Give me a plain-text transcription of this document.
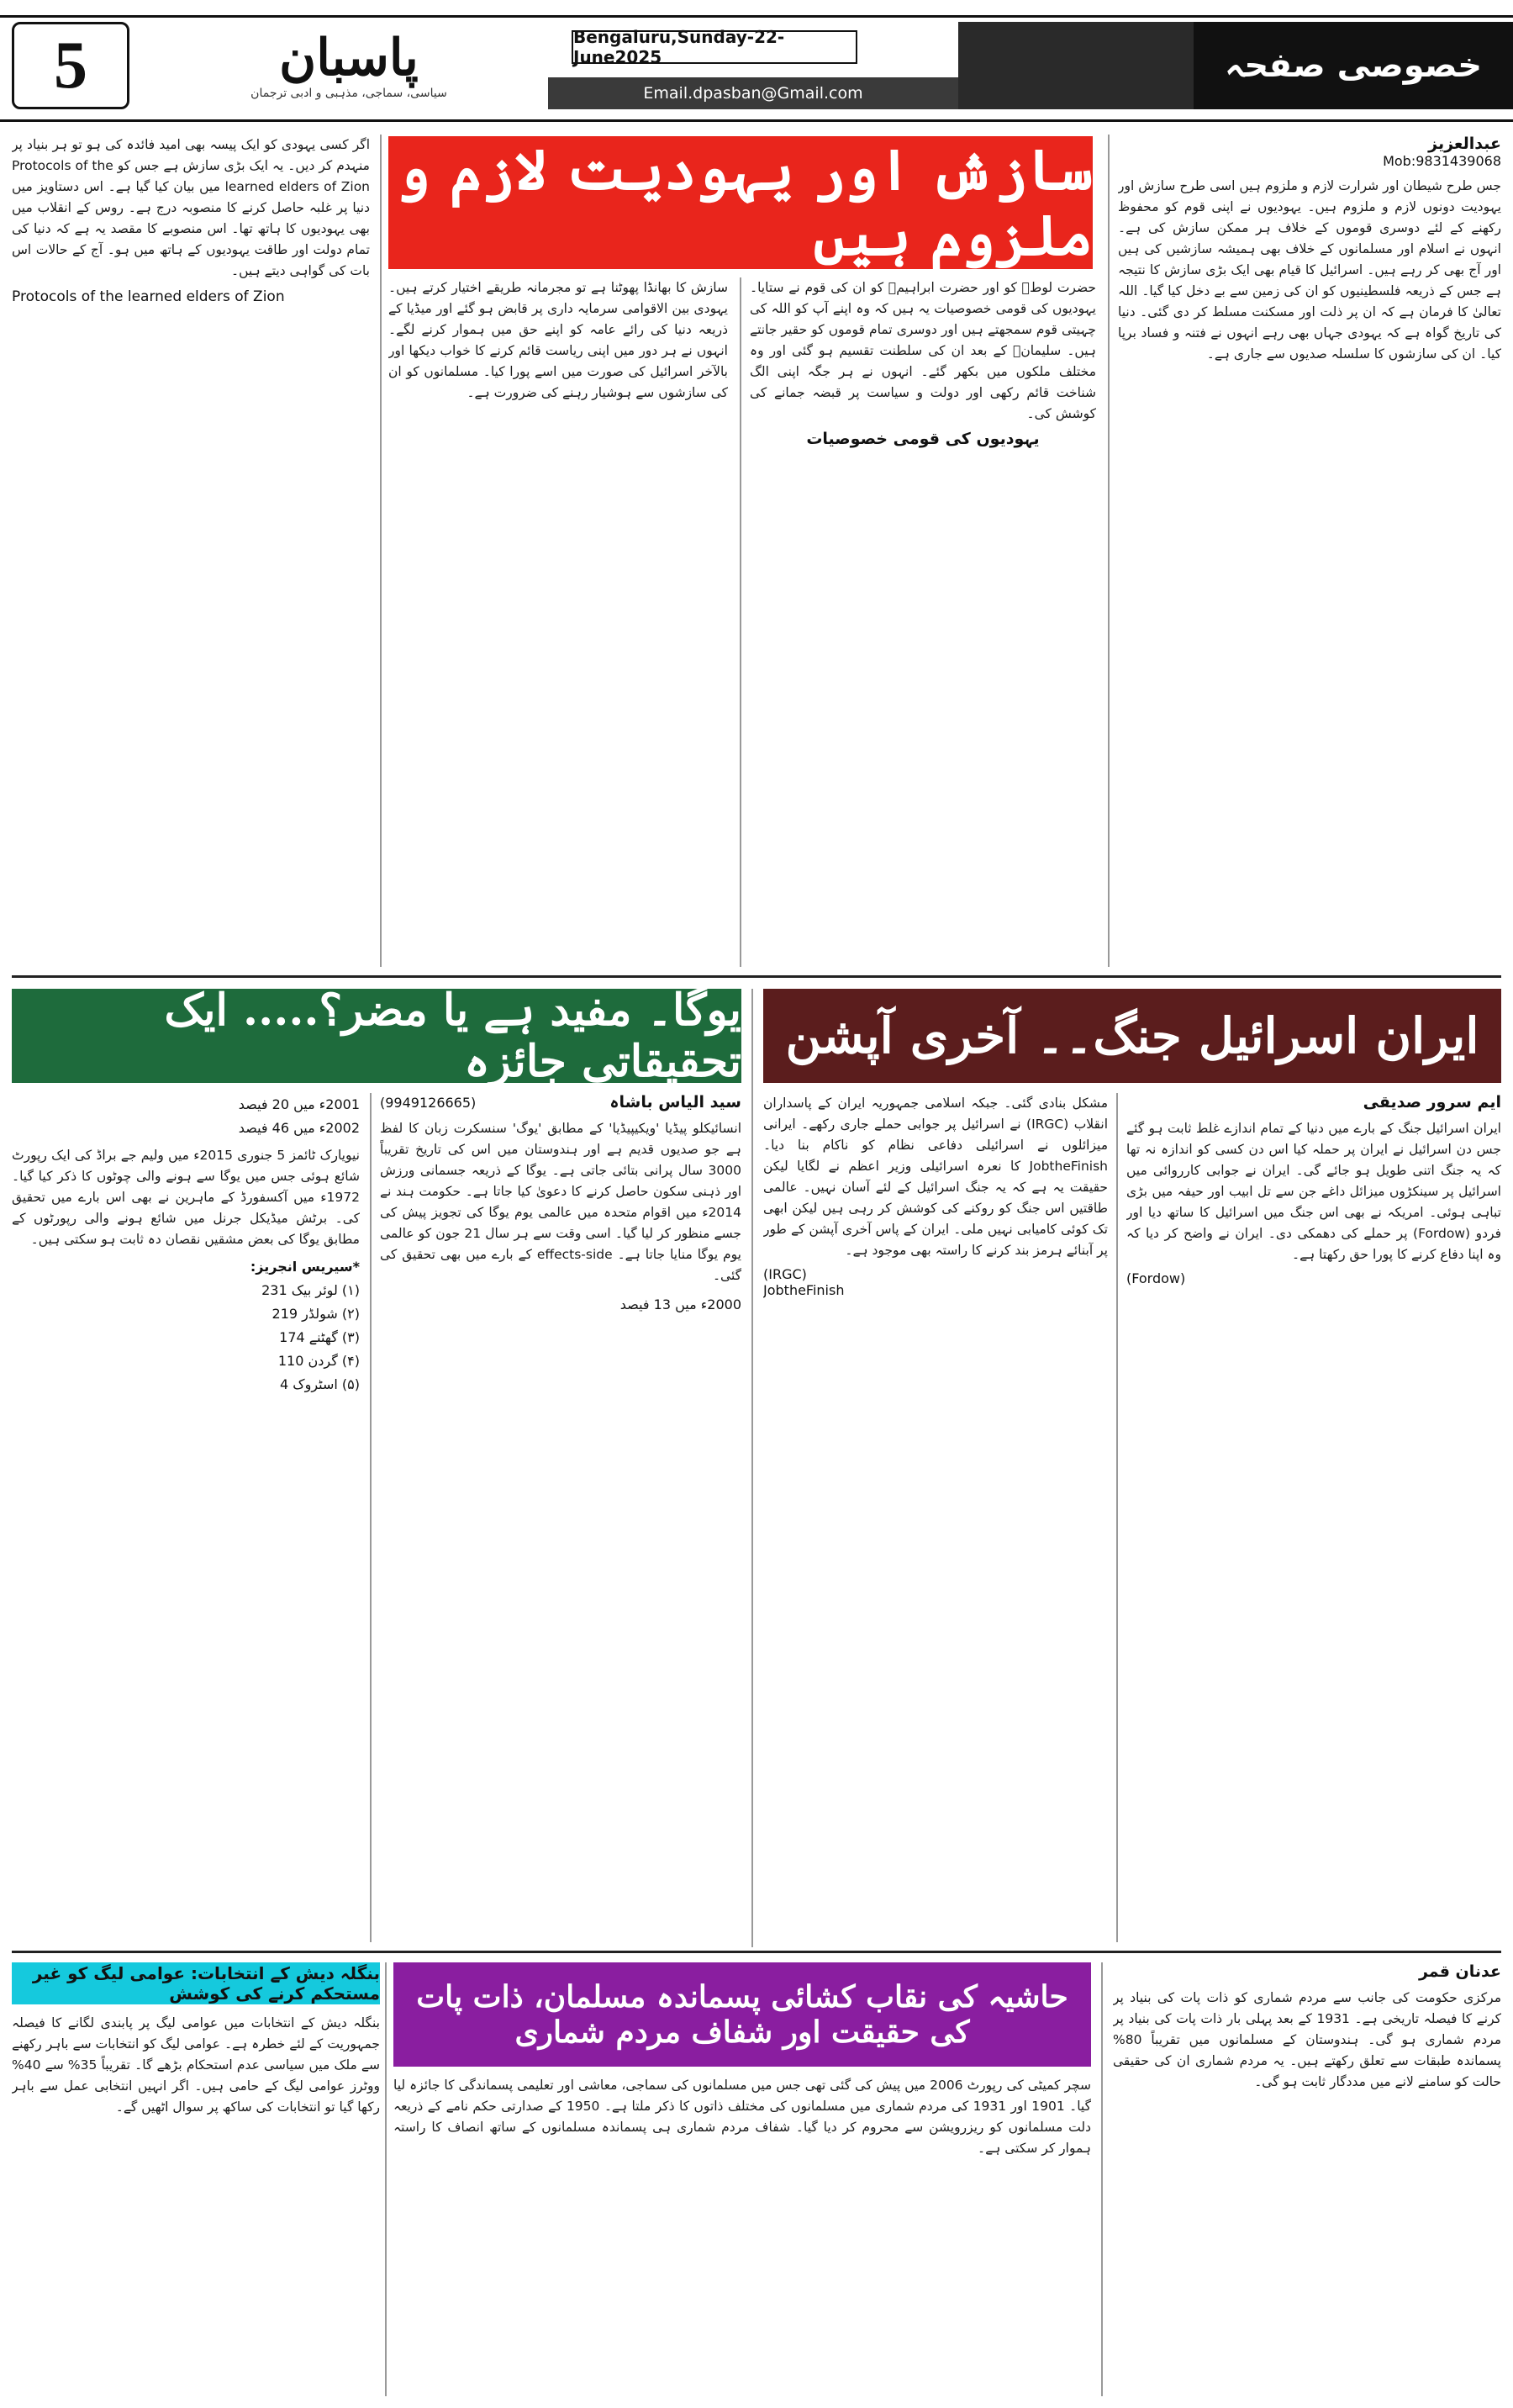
5	پاسبان
سیاسی، سماجی، مذہبی و ادبی ترجمان
Bengaluru,Sunday-22-June2025
Email.dpasban@Gmail.com
خصوصی صفحہ
سازش اور یہودیت لازم و ملزوم ہیں
عبدالعزیز
Mob:9831439068

جس طرح شیطان اور شرارت لازم و ملزوم ہیں اسی طرح سازش اور یہودیت دونوں لازم و ملزوم ہیں۔ یہودیوں نے اپنی قوم کو محفوظ رکھنے کے لئے دوسری قوموں کے خلاف ہر ممکن سازش کی ہے۔ انہوں نے اسلام اور مسلمانوں کے خلاف بھی ہمیشہ سازشیں کی ہیں اور آج بھی کر رہے ہیں۔ اسرائیل کا قیام بھی ایک بڑی سازش کا نتیجہ ہے جس کے ذریعہ فلسطینیوں کو ان کی زمین سے بے دخل کیا گیا۔ اللہ تعالیٰ کا فرمان ہے کہ ان پر ذلت اور مسکنت مسلط کر دی گئی۔ دنیا کی تاریخ گواہ ہے کہ یہودی جہاں بھی رہے انہوں نے فتنہ و فساد برپا کیا۔ ان کی سازشوں کا سلسلہ صدیوں سے جاری ہے۔

حضرت لوطؑ کو اور حضرت ابراہیمؑ کو ان کی قوم نے ستایا۔ یہودیوں کی قومی خصوصیات یہ ہیں کہ وہ اپنے آپ کو اللہ کی چہیتی قوم سمجھتے ہیں اور دوسری تمام قوموں کو حقیر جانتے ہیں۔ سلیمانؑ کے بعد ان کی سلطنت تقسیم ہو گئی اور وہ مختلف ملکوں میں بکھر گئے۔ انہوں نے ہر جگہ اپنی الگ شناخت قائم رکھی اور دولت و سیاست پر قبضہ جمانے کی کوشش کی۔

یہودیوں کی قومی خصوصیات

سازش کا بھانڈا پھوٹنا ہے تو مجرمانہ طریقے اختیار کرتے ہیں۔ یہودی بین الاقوامی سرمایہ داری پر قابض ہو گئے اور میڈیا کے ذریعہ دنیا کی رائے عامہ کو اپنے حق میں ہموار کرنے لگے۔ انہوں نے ہر دور میں اپنی ریاست قائم کرنے کا خواب دیکھا اور بالآخر اسرائیل کی صورت میں اسے پورا کیا۔ مسلمانوں کو ان کی سازشوں سے ہوشیار رہنے کی ضرورت ہے۔

اگر کسی یہودی کو ایک پیسہ بھی امید فائدہ کی ہو تو ہر بنیاد پر منہدم کر دیں۔ یہ ایک بڑی سازش ہے جس کو Protocols of the learned elders of Zion میں بیان کیا گیا ہے۔ اس دستاویز میں دنیا پر غلبہ حاصل کرنے کا منصوبہ درج ہے۔ روس کے انقلاب میں بھی یہودیوں کا ہاتھ تھا۔ اس منصوبے کا مقصد یہ ہے کہ دنیا کی تمام دولت اور طاقت یہودیوں کے ہاتھ میں ہو۔ آج کے حالات اس بات کی گواہی دیتے ہیں۔

Protocols of the learned elders of Zion
ایران اسرائیل جنگ۔۔ آخری آپشن
ایم سرور صدیقی

ایران اسرائیل جنگ کے بارے میں دنیا کے تمام اندازے غلط ثابت ہو گئے جس دن اسرائیل نے ایران پر حملہ کیا اس دن کسی کو اندازہ نہ تھا کہ یہ جنگ اتنی طویل ہو جائے گی۔ ایران نے جوابی کارروائی میں اسرائیل پر سینکڑوں میزائل داغے جن سے تل ابیب اور حیفہ میں بڑی تباہی ہوئی۔ امریکہ نے بھی اس جنگ میں اسرائیل کا ساتھ دیا اور فردو (Fordow) پر حملے کی دھمکی دی۔ ایران نے واضح کر دیا کہ وہ اپنا دفاع کرنے کا پورا حق رکھتا ہے۔

(Fordow)

مشکل بنادی گئی۔ جبکہ اسلامی جمہوریہ ایران کے پاسداران انقلاب (IRGC) نے اسرائیل پر جوابی حملے جاری رکھے۔ ایرانی میزائلوں نے اسرائیلی دفاعی نظام کو ناکام بنا دیا۔ JobtheFinish کا نعرہ اسرائیلی وزیر اعظم نے لگایا لیکن حقیقت یہ ہے کہ یہ جنگ اسرائیل کے لئے آسان نہیں۔ عالمی طاقتیں اس جنگ کو روکنے کی کوشش کر رہی ہیں لیکن ابھی تک کوئی کامیابی نہیں ملی۔ ایران کے پاس آخری آپشن کے طور پر آبنائے ہرمز بند کرنے کا راستہ بھی موجود ہے۔

(IRGC)
JobtheFinish
یوگا۔ مفید ہے یا مضر؟..... ایک تحقیقاتی جائزہ
(9949126665)	سید الیاس باشاہ

انسائیکلو پیڈیا 'ویکیپیڈیا' کے مطابق 'یوگ' سنسکرت زبان کا لفظ ہے جو صدیوں قدیم ہے اور ہندوستان میں اس کی تاریخ تقریباً 3000 سال پرانی بتائی جاتی ہے۔ یوگا کے ذریعہ جسمانی ورزش اور ذہنی سکون حاصل کرنے کا دعویٰ کیا جاتا ہے۔ حکومت ہند نے 2014ء میں اقوام متحدہ میں عالمی یوم یوگا کی تجویز پیش کی جسے منظور کر لیا گیا۔ اسی وقت سے ہر سال 21 جون کو عالمی یوم یوگا منایا جاتا ہے۔ effects-side کے بارے میں بھی تحقیق کی گئی۔

2000ء میں 13 فیصد
2001ء میں 20 فیصد
2002ء میں 46 فیصد

نیویارک ٹائمز 5 جنوری 2015ء میں ولیم جے براڈ کی ایک رپورٹ شائع ہوئی جس میں یوگا سے ہونے والی چوٹوں کا ذکر کیا گیا۔ 1972ء میں آکسفورڈ کے ماہرین نے بھی اس بارے میں تحقیق کی۔ برٹش میڈیکل جرنل میں شائع ہونے والی رپورٹوں کے مطابق یوگا کی بعض مشقیں نقصان دہ ثابت ہو سکتی ہیں۔

*سیریس انجریز:
(۱) لوئر بیک 231
(۲) شولڈر 219
(۳) گھٹنے 174
(۴) گردن 110
(۵) اسٹروک 4
بنگلہ دیش کے انتخابات: عوامی لیگ کو غیر مستحکم کرنے کی کوشش

بنگلہ دیش کے انتخابات میں عوامی لیگ پر پابندی لگانے کا فیصلہ جمہوریت کے لئے خطرہ ہے۔ عوامی لیگ کو انتخابات سے باہر رکھنے سے ملک میں سیاسی عدم استحکام بڑھے گا۔ تقریباً 35% سے 40% ووٹرز عوامی لیگ کے حامی ہیں۔ اگر انہیں انتخابی عمل سے باہر رکھا گیا تو انتخابات کی ساکھ پر سوال اٹھیں گے۔

حاشیہ کی نقاب کشائی پسماندہ مسلمان، ذات پات کی حقیقت اور شفاف مردم شماری

سچر کمیٹی کی رپورٹ 2006 میں پیش کی گئی تھی جس میں مسلمانوں کی سماجی، معاشی اور تعلیمی پسماندگی کا جائزہ لیا گیا۔ 1901 اور 1931 کی مردم شماری میں مسلمانوں کی مختلف ذاتوں کا ذکر ملتا ہے۔ 1950 کے صدارتی حکم نامے کے ذریعہ دلت مسلمانوں کو ریزرویشن سے محروم کر دیا گیا۔ شفاف مردم شماری ہی پسماندہ مسلمانوں کے ساتھ انصاف کا راستہ ہموار کر سکتی ہے۔

عدنان قمر

مرکزی حکومت کی جانب سے مردم شماری کو ذات پات کی بنیاد پر کرنے کا فیصلہ تاریخی ہے۔ 1931 کے بعد پہلی بار ذات پات کی بنیاد پر مردم شماری ہو گی۔ ہندوستان کے مسلمانوں میں تقریباً 80% پسماندہ طبقات سے تعلق رکھتے ہیں۔ یہ مردم شماری ان کی حقیقی حالت کو سامنے لانے میں مددگار ثابت ہو گی۔
